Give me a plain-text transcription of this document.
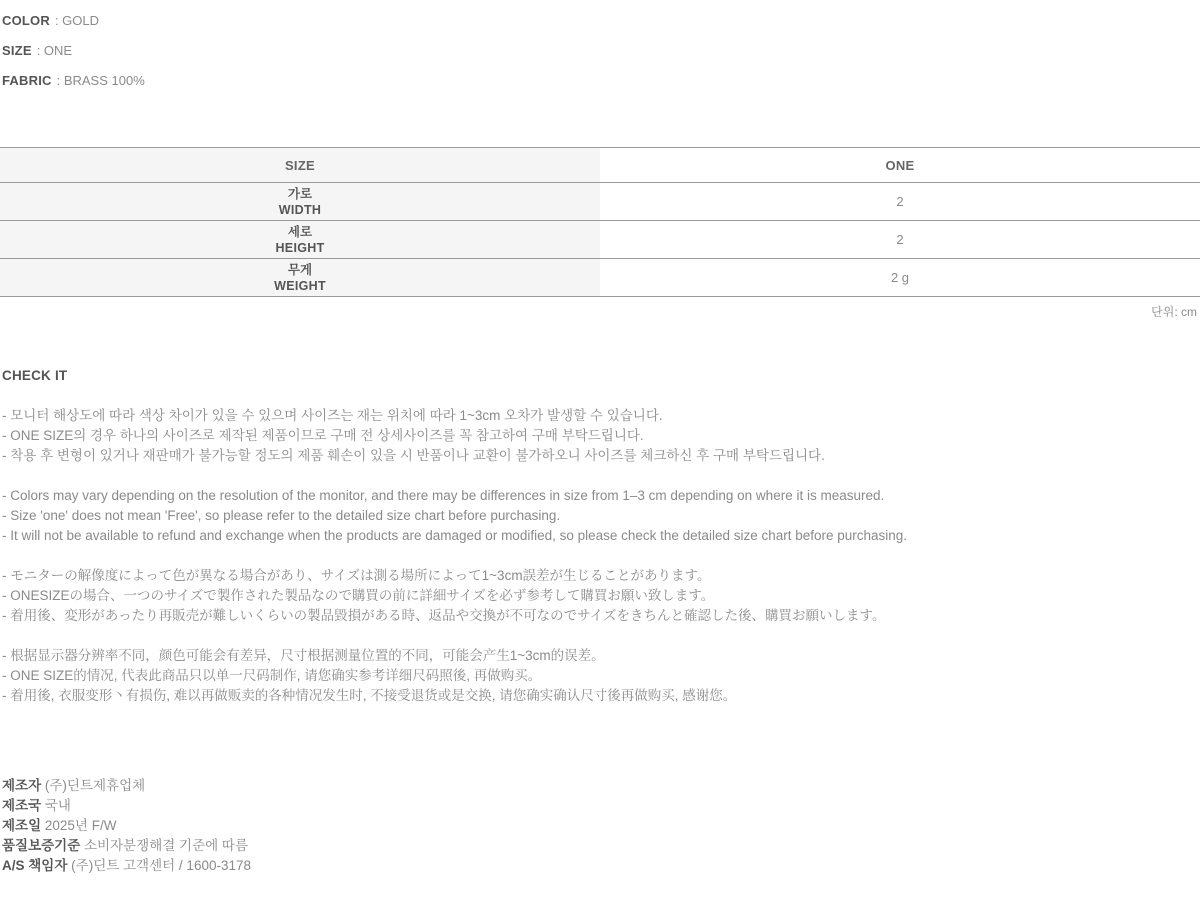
COLOR : GOLD
SIZE : ONE
FABRIC : BRASS 100%
SIZE	ONE
가로
WIDTH
2
세로
HEIGHT
2
무게
WEIGHT
2 g
단위: cm
CHECK IT
- 모니터 해상도에 따라 색상 차이가 있을 수 있으며 사이즈는 재는 위치에 따라 1~3cm 오차가 발생할 수 있습니다.
- ONE SIZE의 경우 하나의 사이즈로 제작된 제품이므로 구매 전 상세사이즈를 꼭 참고하여 구매 부탁드립니다.
- 착용 후 변형이 있거나 재판매가 불가능할 정도의 제품 훼손이 있을 시 반품이나 교환이 불가하오니 사이즈를 체크하신 후 구매 부탁드립니다.
- Colors may vary depending on the resolution of the monitor, and there may be differences in size from 1–3 cm depending on where it is measured.
- Size 'one' does not mean 'Free', so please refer to the detailed size chart before purchasing.
- It will not be available to refund and exchange when the products are damaged or modified, so please check the detailed size chart before purchasing.
- モニターの解像度によって色が異なる場合があり、サイズは測る場所によって1~3cm誤差が生じることがあります。
- ONESIZEの場合、一つのサイズで製作された製品なので購買の前に詳細サイズを必ず参考して購買お願い致します。
- 着用後、変形があったり再販売が難しいくらいの製品毀損がある時、返品や交換が不可なのでサイズをきちんと確認した後、購買お願いします。
- 根据显示器分辨率不同，颜色可能会有差异，尺寸根据测量位置的不同，可能会产生1~3cm的误差。
- ONE SIZE的情况, 代表此商品只以单一尺码制作, 请您确实参考详细尺码照後, 再做购买。
- 着用後, 衣服变形丶有损伤, 难以再做贩卖的各种情况发生时, 不接受退货或是交换, 请您确实确认尺寸後再做购买, 感谢您。
제조자 (주)딘트제휴업체
제조국 국내
제조일 2025년 F/W
품질보증기준 소비자분쟁해결 기준에 따름
A/S 책임자 (주)딘트 고객센터 / 1600-3178
